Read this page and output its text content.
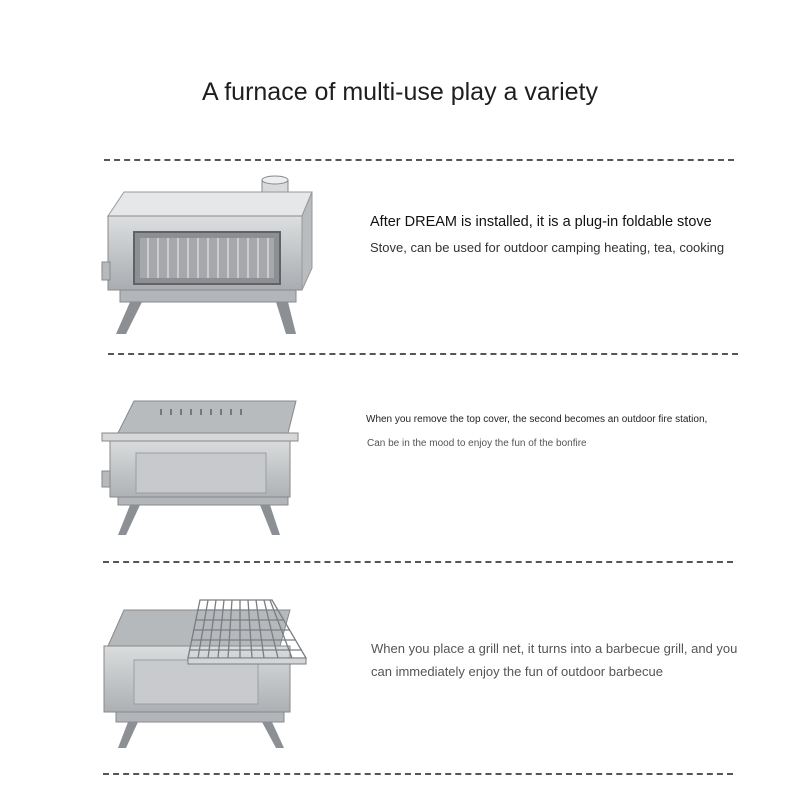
A furnace of multi-use play a variety
After DREAM is installed, it is a plug-in foldable stove
Stove, can be used for outdoor camping heating, tea, cooking
When you remove the top cover, the second becomes an outdoor fire station,
Can be in the mood to enjoy the fun of the bonfire
When you place a grill net, it turns into a barbecue grill, and you can immediately enjoy the fun of outdoor barbecue
